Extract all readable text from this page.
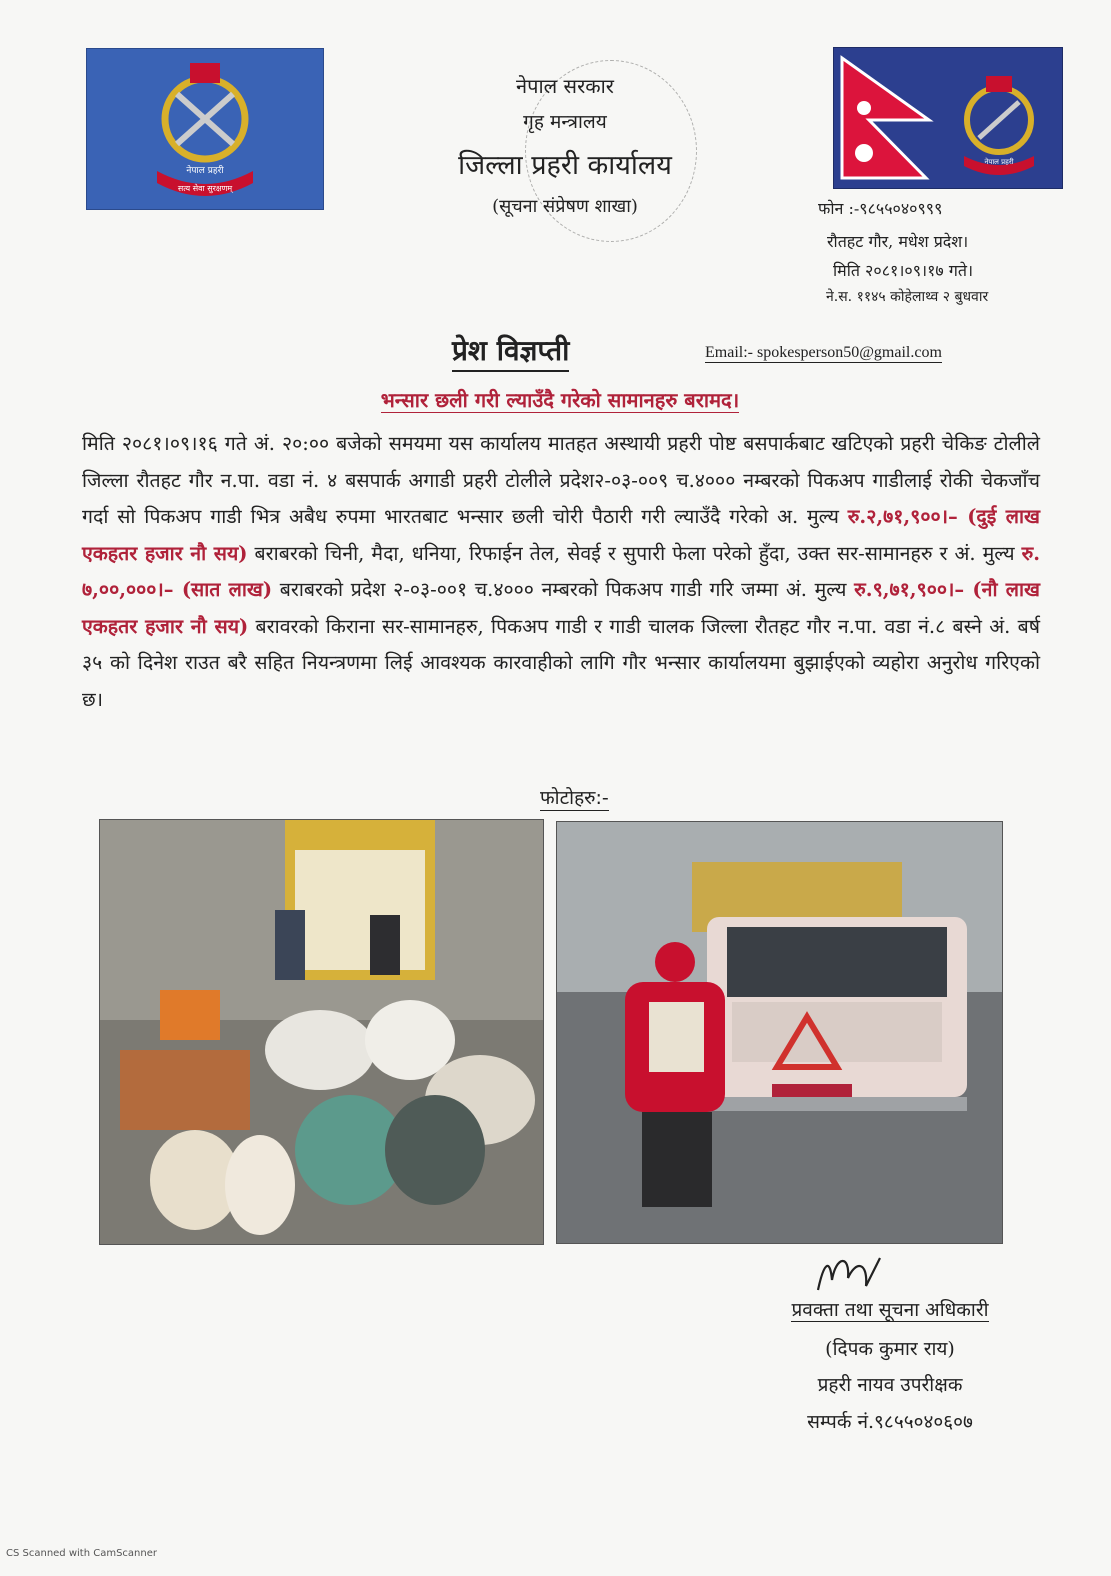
नेपाल प्रहरी
सत्य सेवा सुरक्षणम्
नेपाल सरकार
गृह मन्त्रालय
जिल्ला प्रहरी कार्यालय
(सूचना संप्रेषण शाखा)
नेपाल प्रहरी
फोन :-९८५५०४०९९९
रौतहट गौर, मधेश प्रदेश।
मिति २०८१।०९।१७ गते।
ने.स. ११४५ कोहेलाथ्व २ बुधवार
प्रेश विज्ञप्ती	Email:- spokesperson50@gmail.com
भन्सार छली गरी ल्याउँदै गरेको सामानहरु बरामद।
मिति २०८१।०९।१६ गते अं. २०:०० बजेको समयमा यस कार्यालय मातहत अस्थायी प्रहरी पोष्ट बसपार्कबाट खटिएको प्रहरी चेकिङ टोलीले जिल्ला रौतहट गौर न.पा. वडा नं. ४ बसपार्क अगाडी प्रहरी टोलीले प्रदेश२-०३-००९ च.४००० नम्बरको पिकअप गाडीलाई रोकी चेकजाँच गर्दा सो पिकअप गाडी भित्र अबैध रुपमा भारतबाट भन्सार छली चोरी पैठारी गरी ल्याउँदै गरेको अ. मुल्य रु.२,७१,९००।– (दुई लाख एकहतर हजार नौ सय) बराबरको चिनी, मैदा, धनिया, रिफाईन तेल, सेवई र सुपारी फेला परेको हुँदा, उक्त सर-सामानहरु र अं. मुल्य रु. ७,००,०००।– (सात लाख) बराबरको प्रदेश २-०३-००१ च.४००० नम्बरको पिकअप गाडी गरि जम्मा अं. मुल्य रु.९,७१,९००।– (नौ लाख एकहतर हजार नौ सय) बरावरको किराना सर-सामानहरु, पिकअप गाडी र गाडी चालक जिल्ला रौतहट गौर न.पा. वडा नं.८ बस्ने अं. बर्ष ३५ को दिनेश राउत बरै सहित नियन्त्रणमा लिई आवश्यक कारवाहीको लागि गौर भन्सार कार्यालयमा बुझाईएको व्यहोरा अनुरोध गरिएको छ।
फोटोहरु:-
प्रवक्ता तथा सूचना अधिकारी
(दिपक कुमार राय)
प्रहरी नायव उपरीक्षक
सम्पर्क नं.९८५५०४०६०७
CS Scanned with CamScanner
